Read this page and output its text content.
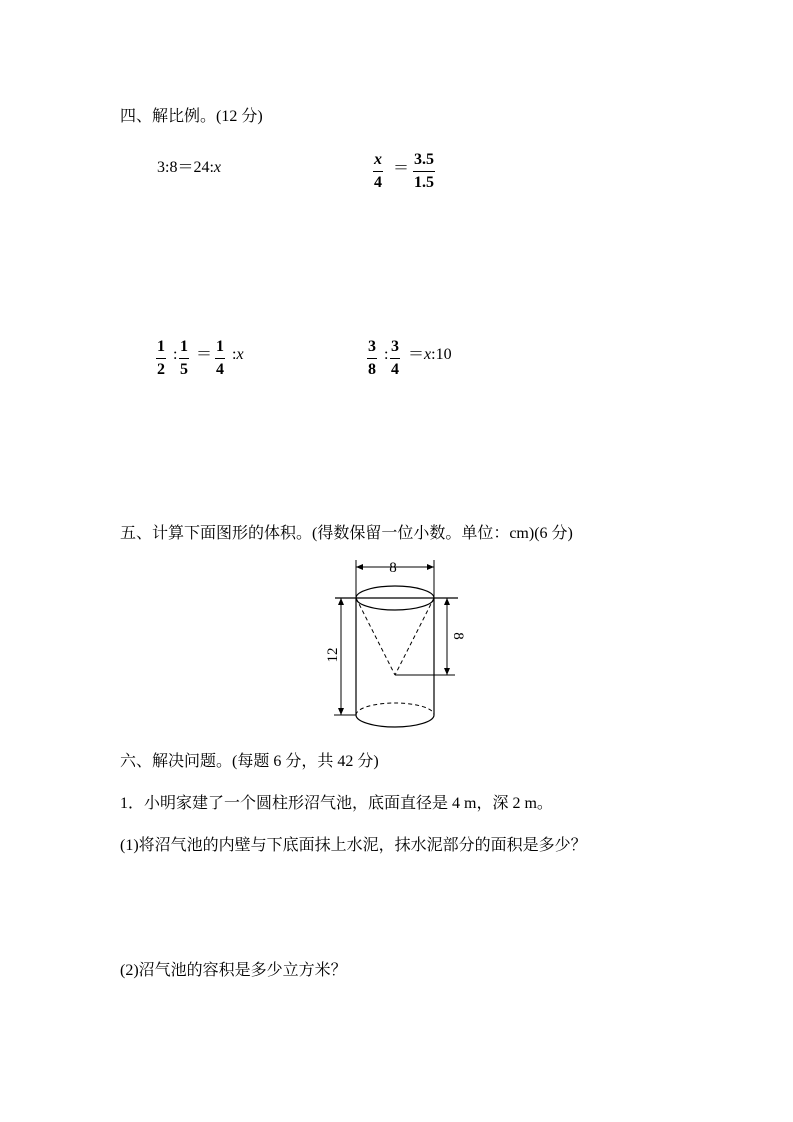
四、解比例。(12 分)
3:8＝24:x	$\frac{x}{4} = \frac{3.5}{1.5}$
$\frac{1}{2}$ : $\frac{1}{5} = \frac{1}{4}$ :x	$\frac{3}{8}$ : $\frac{3}{4}$ ＝x:10
五、计算下面图形的体积。(得数保留一位小数。单位：cm)(6 分)
8
8
12
六、解决问题。(每题 6 分，共 42 分)
1．小明家建了一个圆柱形沼气池，底面直径是 4 m，深 2 m。
(1)将沼气池的内壁与下底面抹上水泥，抹水泥部分的面积是多少？
(2)沼气池的容积是多少立方米？
